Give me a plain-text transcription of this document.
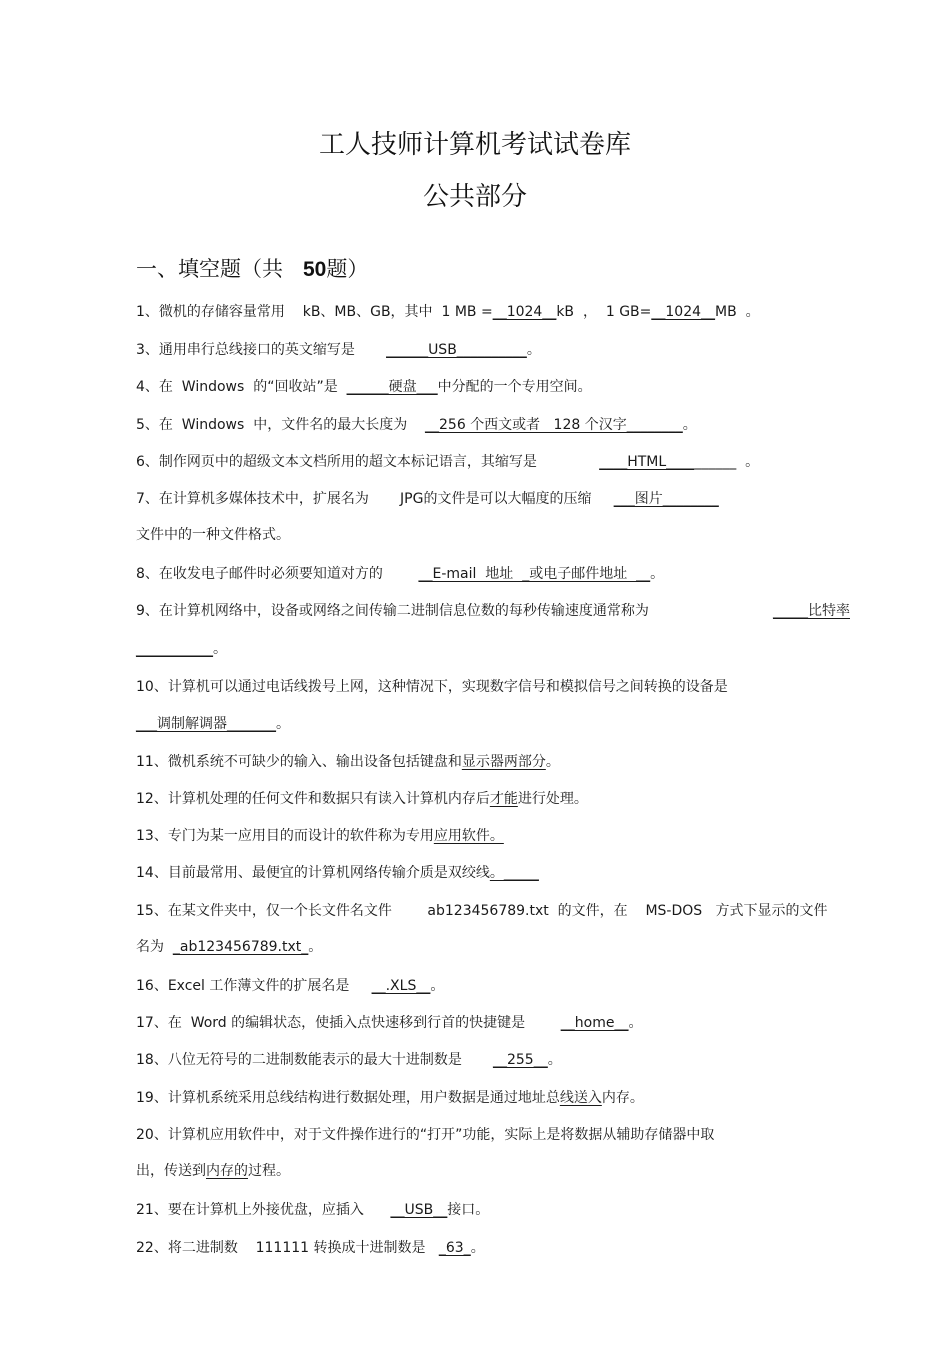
工人技师计算机考试试卷库
公共部分
一、填空题（共 50题）
1、微机的存储容量常用    kB、MB、GB，其中  1 MB =__1024__kB  ，  1 GB=__1024__MB  。
3、通用串行总线接口的英文缩写是       ______USB__________。
4、在  Windows  的“回收站”是  ______硬盘___中分配的一个专用空间。
5、在  Windows  中，文件名的最大长度为    __256 个西文或者   128 个汉字________。
6、制作网页中的超级文本文档所用的超文本标记语言，其缩写是              ____HTML__________  。
7、在计算机多媒体技术中，扩展名为       JPG的文件是可以大幅度的压缩     ___图片________
文件中的一种文件格式。
8、在收发电子邮件时必须要知道对方的        __E-mail  地址  _或电子邮件地址  __。
9、在计算机网络中，设备或网络之间传输二进制信息位数的每秒传输速度通常称为	_____比特率
___________。
10、计算机可以通过电话线拨号上网，这种情况下，实现数字信号和模拟信号之间转换的设备是
___调制解调器_______。
11、微机系统不可缺少的输入、输出设备包括键盘和显示器两部分。
12、计算机处理的任何文件和数据只有读入计算机内存后才能进行处理。
13、专门为某一应用目的而设计的软件称为专用应用软件。
14、目前最常用、最便宜的计算机网络传输介质是双绞线。_____
15、在某文件夹中，仅一个长文件名文件        ab123456789.txt  的文件，在    MS-DOS   方式下显示的文件
名为  _ab123456789.txt_。
16、Excel 工作薄文件的扩展名是     __.XLS__。
17、在  Word 的编辑状态，使插入点快速移到行首的快捷键是        __home__。
18、八位无符号的二进制数能表示的最大十进制数是       __255__。
19、计算机系统采用总线结构进行数据处理，用户数据是通过地址总线送入内存。
20、计算机应用软件中，对于文件操作进行的“打开”功能，实际上是将数据从辅助存储器中取
出，传送到内存的过程。
21、要在计算机上外接优盘，应插入      __USB__接口。
22、将二进制数    111111 转换成十进制数是   _63_。
